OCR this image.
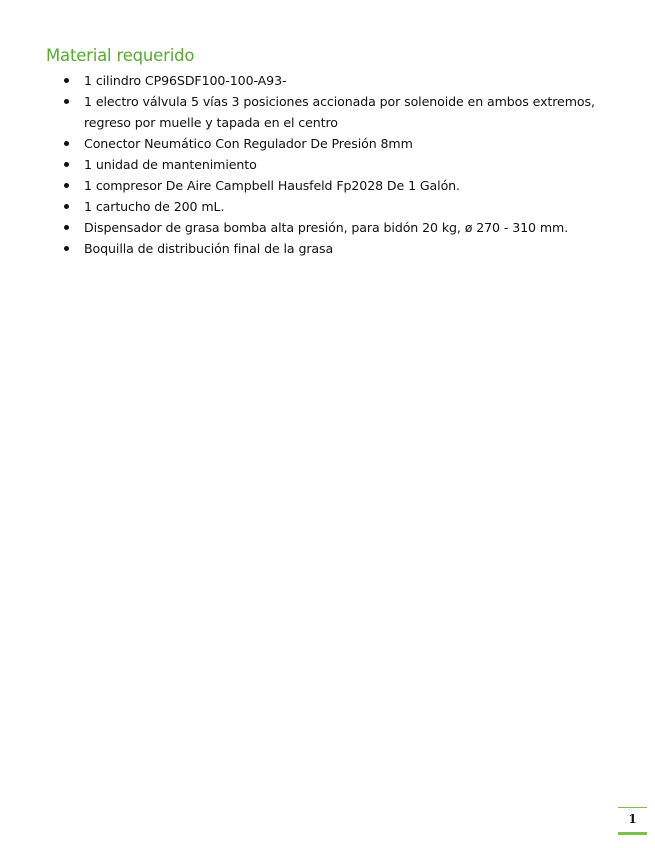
Material requerido
1 cilindro CP96SDF100-100-A93-
1 electro válvula 5 vías 3 posiciones accionada por solenoide en ambos extremos, regreso por muelle y tapada en el centro
Conector Neumático Con Regulador De Presión 8mm
1 unidad de mantenimiento
1 compresor De Aire Campbell Hausfeld Fp2028 De 1 Galón.
1 cartucho de 200 mL.
Dispensador de grasa bomba alta presión, para bidón 20 kg, ø 270 - 310 mm.
Boquilla de distribución final de la grasa
1
